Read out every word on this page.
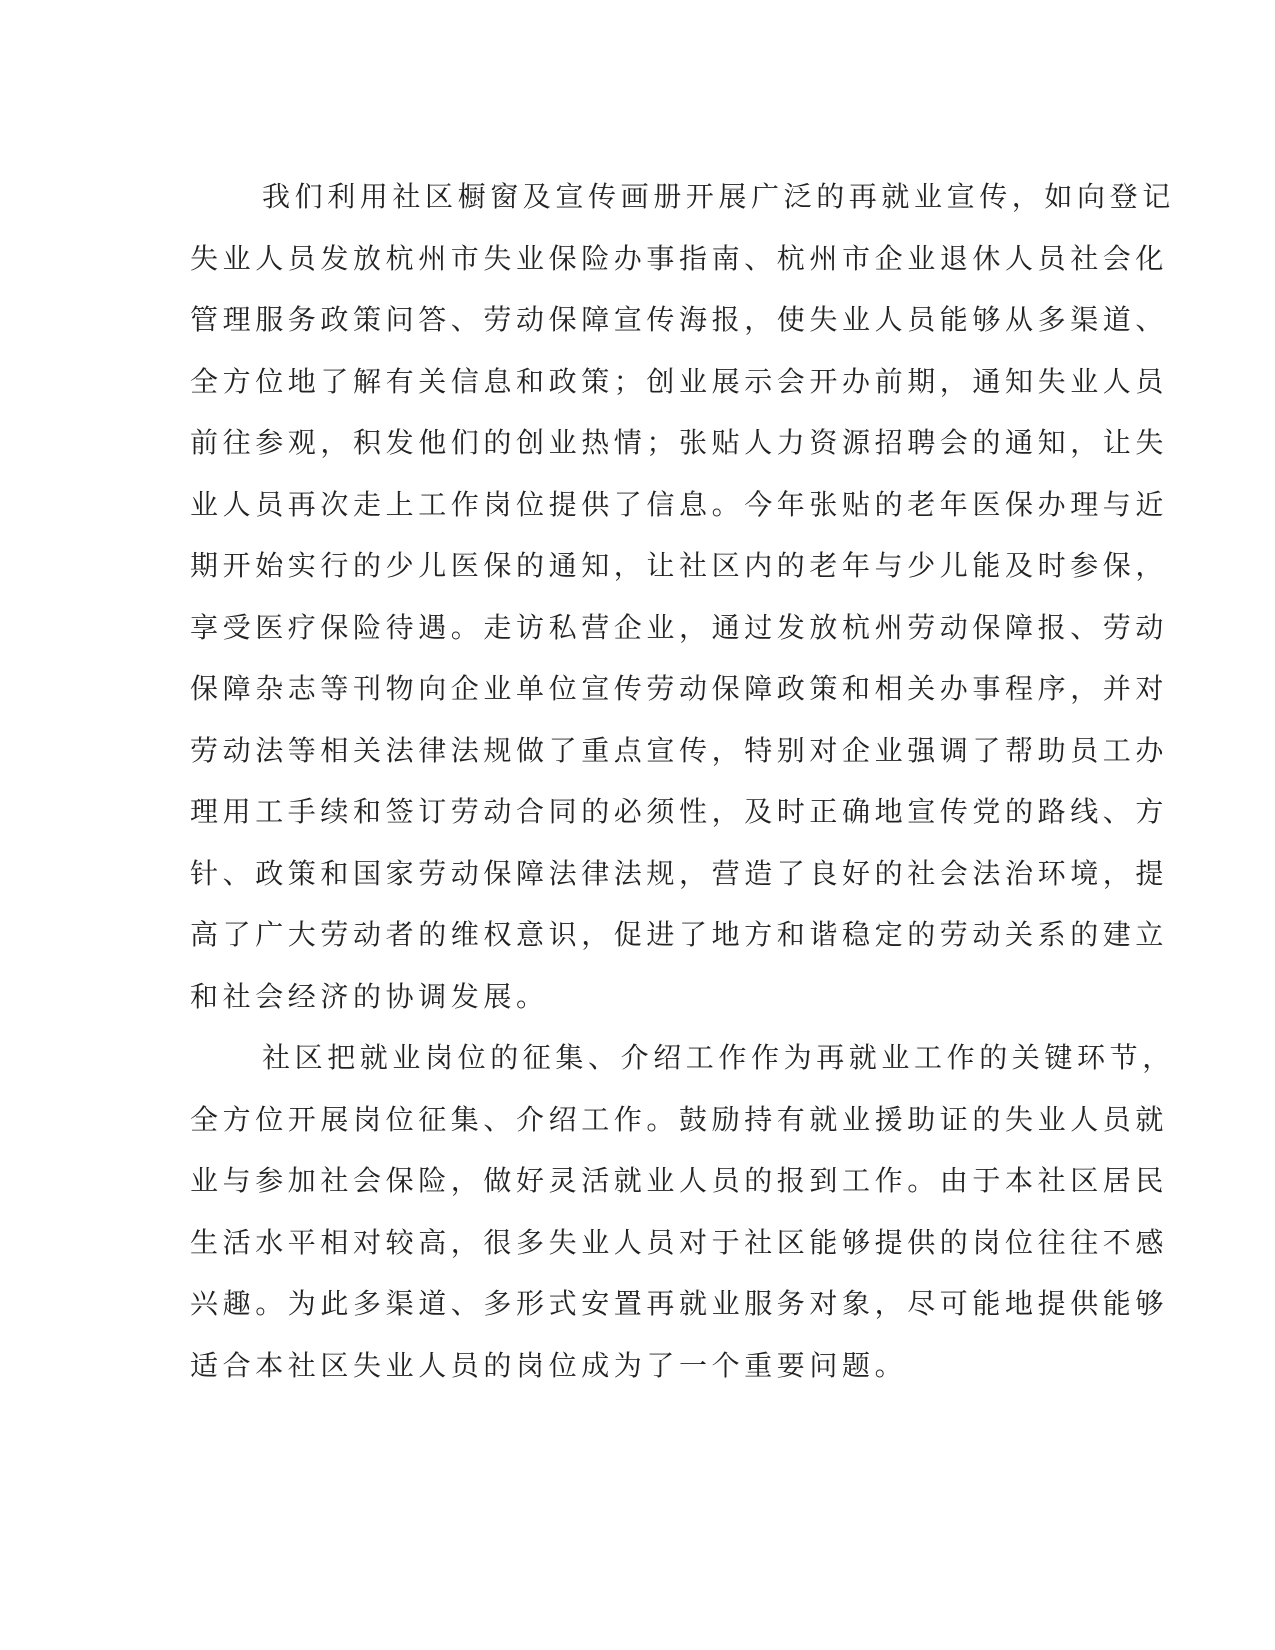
我们利用社区橱窗及宣传画册开展广泛的再就业宣传，如向登记
失业人员发放杭州市失业保险办事指南、杭州市企业退休人员社会化
管理服务政策问答、劳动保障宣传海报，使失业人员能够从多渠道、
全方位地了解有关信息和政策；创业展示会开办前期，通知失业人员
前往参观，积发他们的创业热情；张贴人力资源招聘会的通知，让失
业人员再次走上工作岗位提供了信息。今年张贴的老年医保办理与近
期开始实行的少儿医保的通知，让社区内的老年与少儿能及时参保，
享受医疗保险待遇。走访私营企业，通过发放杭州劳动保障报、劳动
保障杂志等刊物向企业单位宣传劳动保障政策和相关办事程序，并对
劳动法等相关法律法规做了重点宣传，特别对企业强调了帮助员工办
理用工手续和签订劳动合同的必须性，及时正确地宣传党的路线、方
针、政策和国家劳动保障法律法规，营造了良好的社会法治环境，提
高了广大劳动者的维权意识，促进了地方和谐稳定的劳动关系的建立
和社会经济的协调发展。

社区把就业岗位的征集、介绍工作作为再就业工作的关键环节，
全方位开展岗位征集、介绍工作。鼓励持有就业援助证的失业人员就
业与参加社会保险，做好灵活就业人员的报到工作。由于本社区居民
生活水平相对较高，很多失业人员对于社区能够提供的岗位往往不感
兴趣。为此多渠道、多形式安置再就业服务对象，尽可能地提供能够
适合本社区失业人员的岗位成为了一个重要问题。
